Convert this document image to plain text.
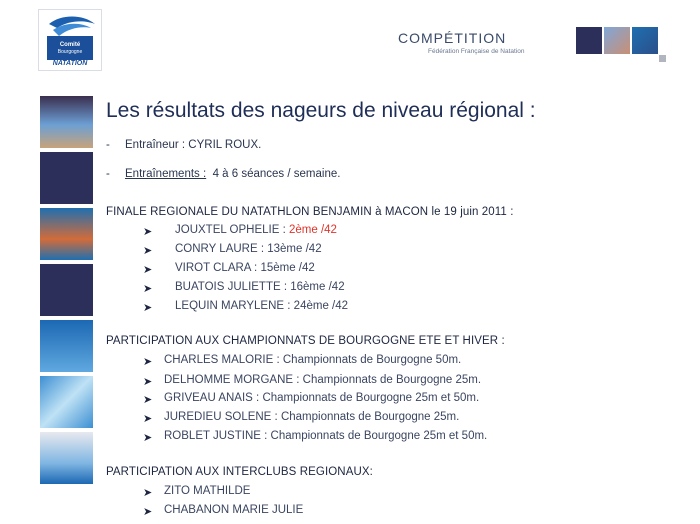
Comité
Bourgogne
NATATION
COMPÉTITION
Fédération Française de Natation
Les résultats des nageurs de niveau régional :
- Entraîneur : CYRIL ROUX.
- Entraînements : 4 à 6 séances / semaine.
FINALE REGIONALE DU NATATHLON BENJAMIN à MACON le 19 juin 2011 :
➤ JOUXTEL OPHELIE : 2ème /42
➤ CONRY LAURE : 13ème /42
➤ VIROT CLARA : 15ème /42
➤ BUATOIS JULIETTE : 16ème /42
➤ LEQUIN MARYLENE : 24ème /42
PARTICIPATION AUX CHAMPIONNATS DE BOURGOGNE ETE ET HIVER :
➤ CHARLES MALORIE : Championnats de Bourgogne 50m.
➤ DELHOMME MORGANE : Championnats de Bourgogne 25m.
➤ GRIVEAU ANAIS : Championnats de Bourgogne 25m et 50m.
➤ JUREDIEU SOLENE : Championnats de Bourgogne 25m.
➤ ROBLET JUSTINE : Championnats de Bourgogne 25m et 50m.
PARTICIPATION AUX INTERCLUBS REGIONAUX:
➤ ZITO MATHILDE
➤ CHABANON MARIE JULIE
